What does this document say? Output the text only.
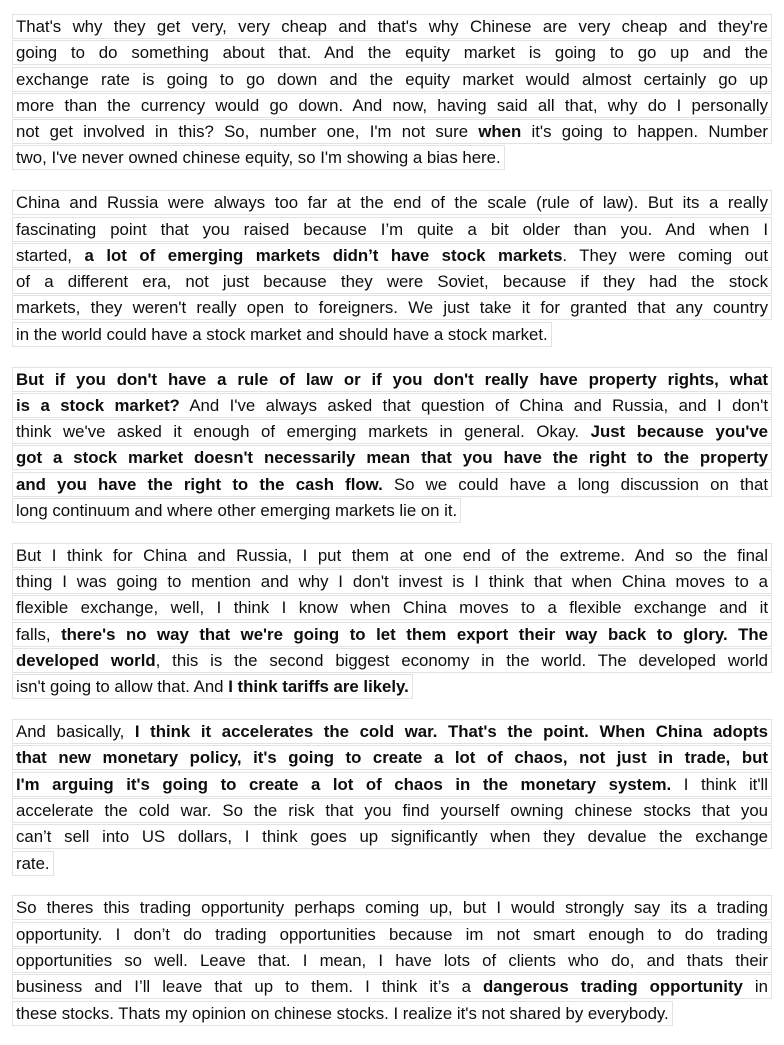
That's why they get very, very cheap and that's why Chinese are very cheap and they're
going to do something about that. And the equity market is going to go up and the
exchange rate is going to go down and the equity market would almost certainly go up
more than the currency would go down. And now, having said all that, why do I personally
not get involved in this? So, number one, I'm not sure when it's going to happen. Number
two, I've never owned chinese equity, so I'm showing a bias here.
China and Russia were always too far at the end of the scale (rule of law). But its a really
fascinating point that you raised because I’m quite a bit older than you. And when I
started, a lot of emerging markets didn’t have stock markets. They were coming out
of a different era, not just because they were Soviet, because if they had the stock
markets, they weren't really open to foreigners. We just take it for granted that any country
in the world could have a stock market and should have a stock market.
But if you don't have a rule of law or if you don't really have property rights, what
is a stock market? And I've always asked that question of China and Russia, and I don't
think we've asked it enough of emerging markets in general. Okay. Just because you've
got a stock market doesn't necessarily mean that you have the right to the property
and you have the right to the cash flow. So we could have a long discussion on that
long continuum and where other emerging markets lie on it.
But I think for China and Russia, I put them at one end of the extreme. And so the final
thing I was going to mention and why I don't invest is I think that when China moves to a
flexible exchange, well, I think I know when China moves to a flexible exchange and it
falls, there's no way that we're going to let them export their way back to glory. The
developed world, this is the second biggest economy in the world. The developed world
isn't going to allow that. And I think tariffs are likely.
And basically, I think it accelerates the cold war. That's the point. When China adopts
that new monetary policy, it's going to create a lot of chaos, not just in trade, but
I'm arguing it's going to create a lot of chaos in the monetary system. I think it'll
accelerate the cold war. So the risk that you find yourself owning chinese stocks that you
can’t sell into US dollars, I think goes up significantly when they devalue the exchange
rate.
So theres this trading opportunity perhaps coming up, but I would strongly say its a trading
opportunity. I don’t do trading opportunities because im not smart enough to do trading
opportunities so well. Leave that. I mean, I have lots of clients who do, and thats their
business and I’ll leave that up to them. I think it’s a dangerous trading opportunity in
these stocks. Thats my opinion on chinese stocks. I realize it's not shared by everybody.
